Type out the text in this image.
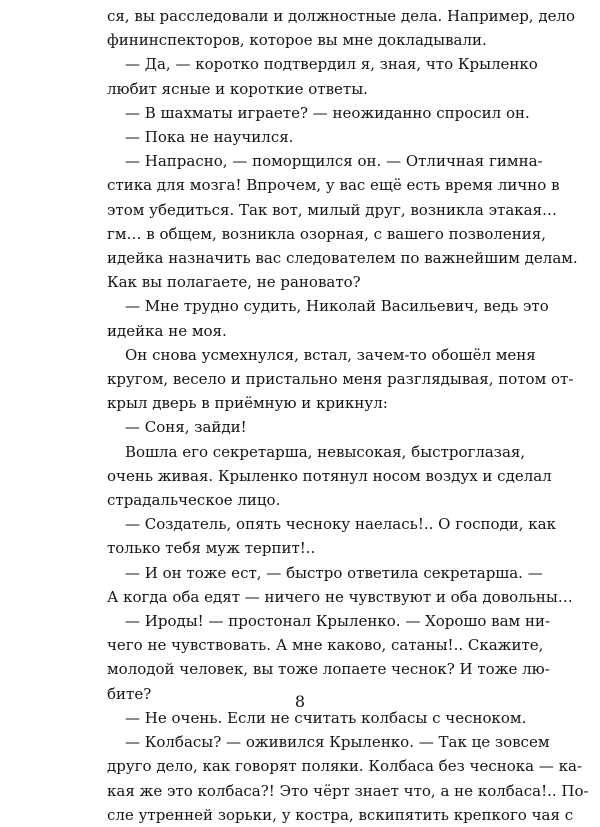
ся, вы расследовали и должностные дела. Например, дело
фининспекторов, которое вы мне докладывали.
— Да, — коротко подтвердил я, зная, что Крыленко
любит ясные и короткие ответы.
— В шахматы играете? — неожиданно спросил он.
— Пока не научился.
— Напрасно, — поморщился он. — Отличная гимна-
стика для мозга! Впрочем, у вас ещё есть время лично в
этом убедиться. Так вот, милый друг, возникла этакая…
гм… в общем, возникла озорная, с вашего позволения,
идейка назначить вас следователем по важнейшим делам.
Как вы полагаете, не рановато?
— Мне трудно судить, Николай Васильевич, ведь это
идейка не моя.
Он снова усмехнулся, встал, зачем-то обошёл меня
кругом, весело и пристально меня разглядывая, потом от-
крыл дверь в приёмную и крикнул:
— Соня, зайди!
Вошла его секретарша, невысокая, быстроглазая,
очень живая. Крыленко потянул носом воздух и сделал
страдальческое лицо.
— Создатель, опять чесноку наелась!.. О господи, как
только тебя муж терпит!..
— И он тоже ест, — быстро ответила секретарша. —
А когда оба едят — ничего не чувствуют и оба довольны…
— Ироды! — простонал Крыленко. — Хорошо вам ни-
чего не чувствовать. А мне каково, сатаны!.. Скажите,
молодой человек, вы тоже лопаете чеснок? И тоже лю-
бите?
— Не очень. Если не считать колбасы с чесноком.
— Колбасы? — оживился Крыленко. — Так це зовсем
друго дело, как говорят поляки. Колбаса без чеснока — ка-
кая же это колбаса?! Это чёрт знает что, а не колбаса!.. По-
сле утренней зорьки, у костра, вскипятить крепкого чая с
8
